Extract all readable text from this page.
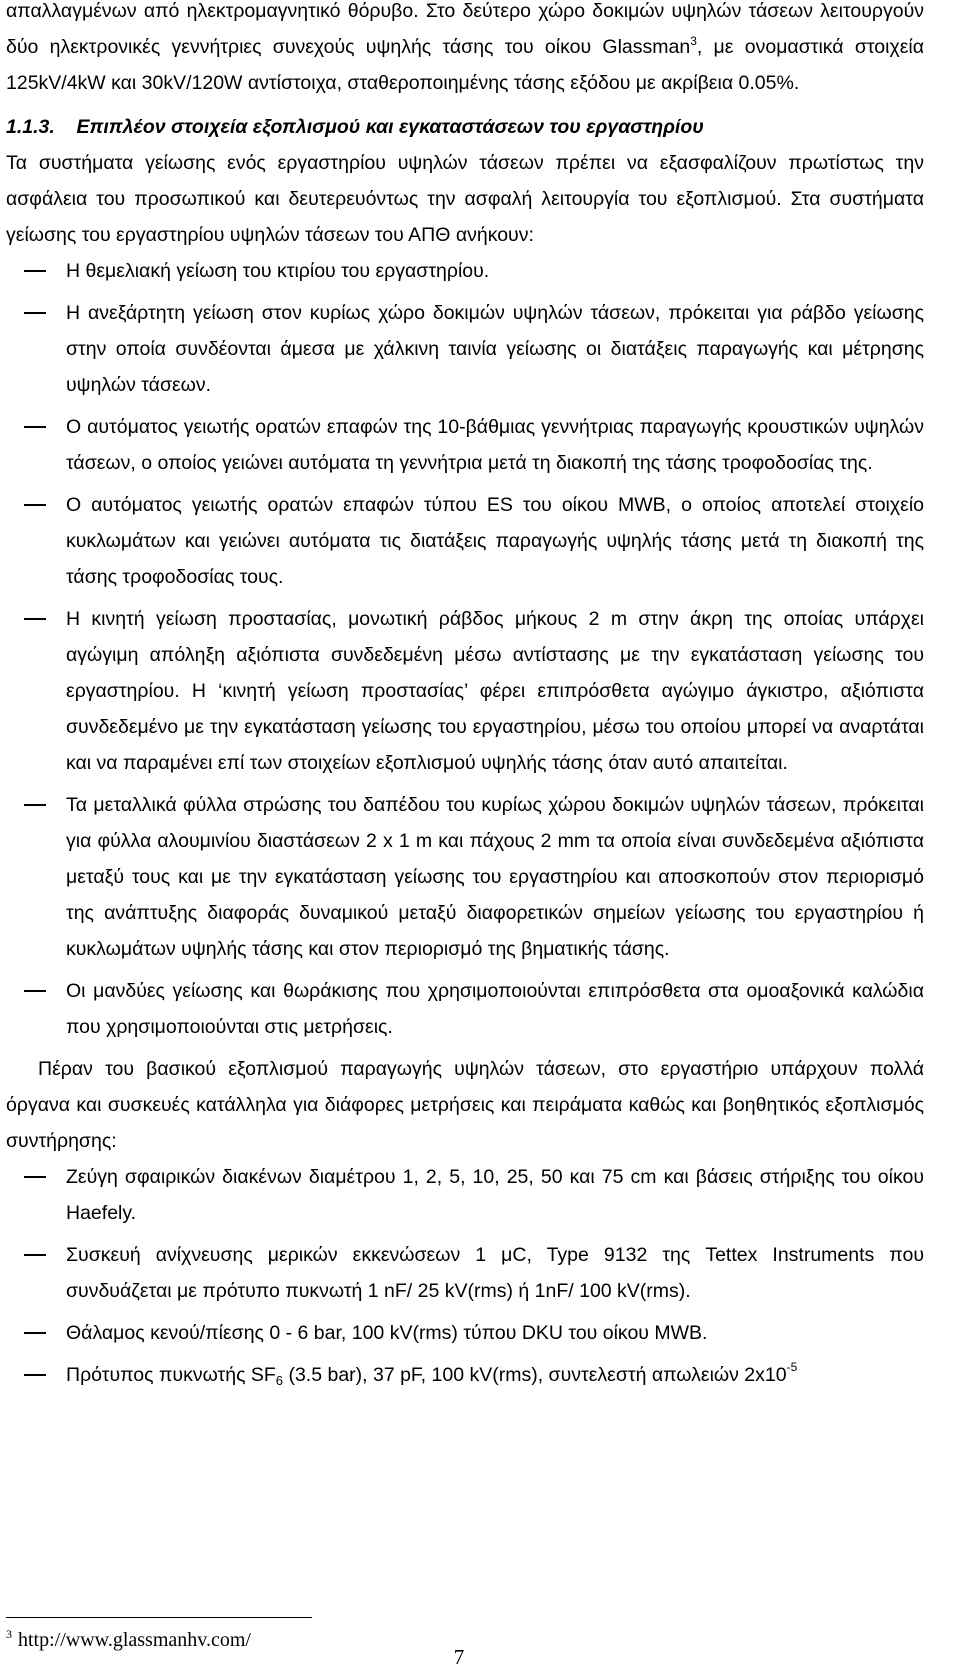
απαλλαγμένων από ηλεκτρομαγνητικό θόρυβο. Στο δεύτερο χώρο δοκιμών υψηλών τάσεων λειτουργούν δύο ηλεκτρονικές γεννήτριες συνεχούς υψηλής τάσης του οίκου Glassman$^3$, με ονομαστικά στοιχεία 125kV/4kW και 30kV/120W αντίστοιχα, σταθεροποιημένης τάσης εξόδου με ακρίβεια 0.05%.

1.1.3. Επιπλέον στοιχεία εξοπλισμού και εγκαταστάσεων του εργαστηρίου

Τα συστήματα γείωσης ενός εργαστηρίου υψηλών τάσεων πρέπει να εξασφαλίζουν πρωτίστως την ασφάλεια του προσωπικού και δευτερευόντως την ασφαλή λειτουργία του εξοπλισμού. Στα συστήματα γείωσης του εργαστηρίου υψηλών τάσεων του ΑΠΘ ανήκουν:

Η θεμελιακή γείωση του κτιρίου του εργαστηρίου.
Η ανεξάρτητη γείωση στον κυρίως χώρο δοκιμών υψηλών τάσεων, πρόκειται για ράβδο γείωσης στην οποία συνδέονται άμεσα με χάλκινη ταινία γείωσης οι διατάξεις παραγωγής και μέτρησης υψηλών τάσεων.
Ο αυτόματος γειωτής ορατών επαφών της 10-βάθμιας γεννήτριας παραγωγής κρουστικών υψηλών τάσεων, ο οποίος γειώνει αυτόματα τη γεννήτρια μετά τη διακοπή της τάσης τροφοδοσίας της.
Ο αυτόματος γειωτής ορατών επαφών τύπου ES του οίκου MWB, ο οποίος αποτελεί στοιχείο κυκλωμάτων και γειώνει αυτόματα τις διατάξεις παραγωγής υψηλής τάσης μετά τη διακοπή της τάσης τροφοδοσίας τους.
Η κινητή γείωση προστασίας, μονωτική ράβδος μήκους 2 m στην άκρη της οποίας υπάρχει αγώγιμη απόληξη αξιόπιστα συνδεδεμένη μέσω αντίστασης με την εγκατάσταση γείωσης του εργαστηρίου. Η ‘κινητή γείωση προστασίας’ φέρει επιπρόσθετα αγώγιμο άγκιστρο, αξιόπιστα συνδεδεμένο με την εγκατάσταση γείωσης του εργαστηρίου, μέσω του οποίου μπορεί να αναρτάται και να παραμένει επί των στοιχείων εξοπλισμού υψηλής τάσης όταν αυτό απαιτείται.
Τα μεταλλικά φύλλα στρώσης του δαπέδου του κυρίως χώρου δοκιμών υψηλών τάσεων, πρόκειται για φύλλα αλουμινίου διαστάσεων 2 x 1 m και πάχους 2 mm τα οποία είναι συνδεδεμένα αξιόπιστα μεταξύ τους και με την εγκατάσταση γείωσης του εργαστηρίου και αποσκοπούν στον περιορισμό της ανάπτυξης διαφοράς δυναμικού μεταξύ διαφορετικών σημείων γείωσης του εργαστηρίου ή κυκλωμάτων υψηλής τάσης και στον περιορισμό της βηματικής τάσης.
Οι μανδύες γείωσης και θωράκισης που χρησιμοποιούνται επιπρόσθετα στα ομοαξονικά καλώδια που χρησιμοποιούνται στις μετρήσεις.

Πέραν του βασικού εξοπλισμού παραγωγής υψηλών τάσεων, στο εργαστήριο υπάρχουν πολλά όργανα και συσκευές κατάλληλα για διάφορες μετρήσεις και πειράματα καθώς και βοηθητικός εξοπλισμός συντήρησης:

Ζεύγη σφαιρικών διακένων διαμέτρου 1, 2, 5, 10, 25, 50 και 75 cm και βάσεις στήριξης του οίκου Haefely.
Συσκευή ανίχνευσης μερικών εκκενώσεων 1 μC, Type 9132 της Tettex Instruments που συνδυάζεται με πρότυπο πυκνωτή 1 nF/ 25 kV(rms) ή 1nF/ 100 kV(rms).
Θάλαμος κενού/πίεσης 0 - 6 bar, 100 kV(rms) τύπου DKU του οίκου MWB.
Πρότυπος πυκνωτής $SF_6$ (3.5 bar), 37 pF, 100 kV(rms), συντελεστή απωλειών $2x10^{-5}$
$^3$ http://www.glassmanhv.com/
7
